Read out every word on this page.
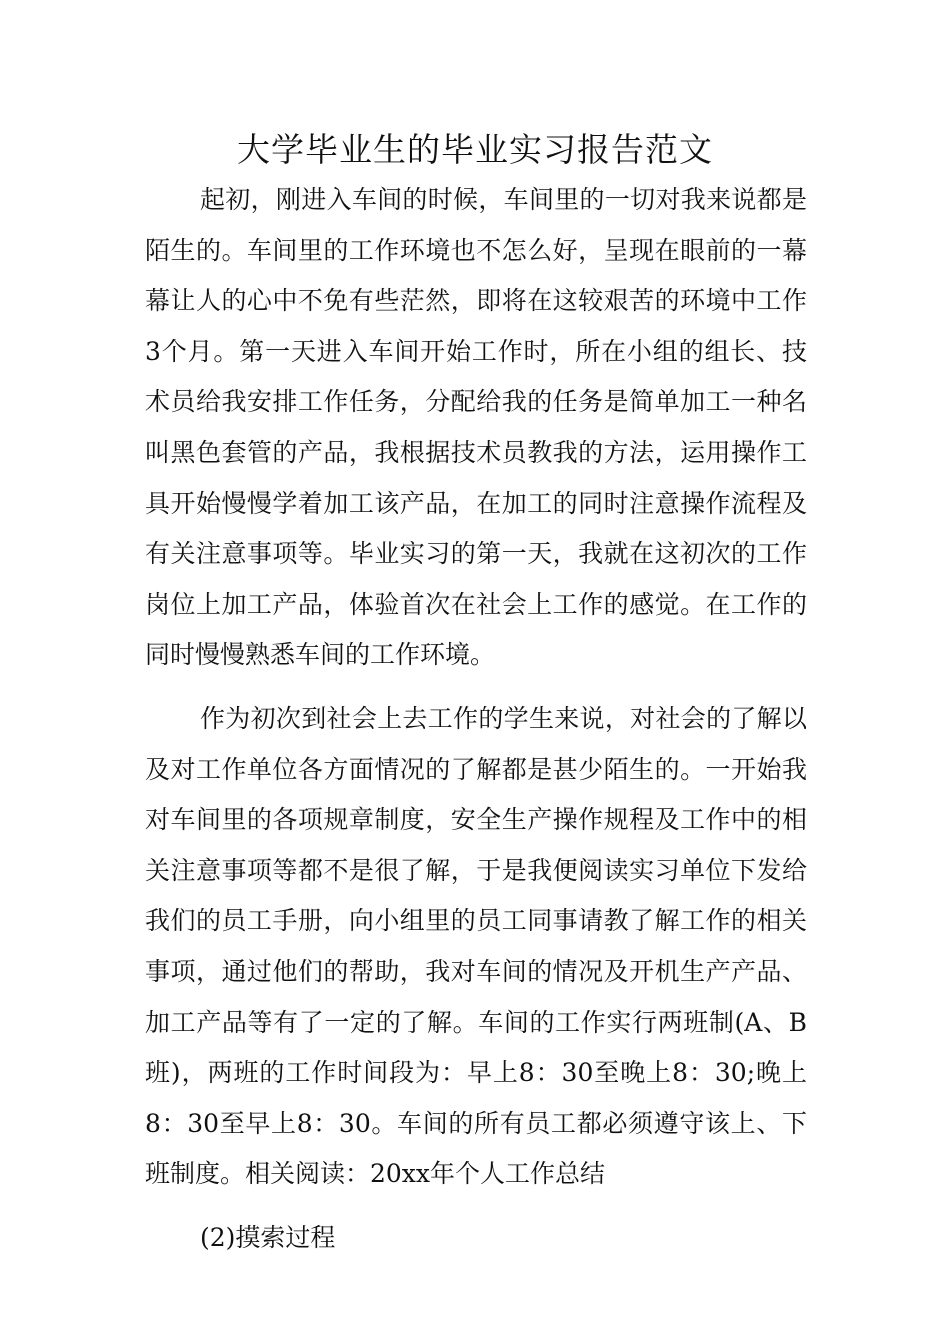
大学毕业生的毕业实习报告范文

起初，刚进入车间的时候，车间里的一切对我来说都是陌生的。车间里的工作环境也不怎么好，呈现在眼前的一幕幕让人的心中不免有些茫然，即将在这较艰苦的环境中工作3个月。第一天进入车间开始工作时，所在小组的组长、技术员给我安排工作任务，分配给我的任务是简单加工一种名叫黑色套管的产品，我根据技术员教我的方法，运用操作工具开始慢慢学着加工该产品，在加工的同时注意操作流程及有关注意事项等。毕业实习的第一天，我就在这初次的工作岗位上加工产品，体验首次在社会上工作的感觉。在工作的同时慢慢熟悉车间的工作环境。

作为初次到社会上去工作的学生来说，对社会的了解以及对工作单位各方面情况的了解都是甚少陌生的。一开始我对车间里的各项规章制度，安全生产操作规程及工作中的相关注意事项等都不是很了解，于是我便阅读实习单位下发给我们的员工手册，向小组里的员工同事请教了解工作的相关事项，通过他们的帮助，我对车间的情况及开机生产产品、加工产品等有了一定的了解。车间的工作实行两班制(A、B班)，两班的工作时间段为：早上8：30至晚上8：30;晚上8：30至早上8：30。车间的所有员工都必须遵守该上、下班制度。相关阅读：20xx年个人工作总结

(2)摸索过程
